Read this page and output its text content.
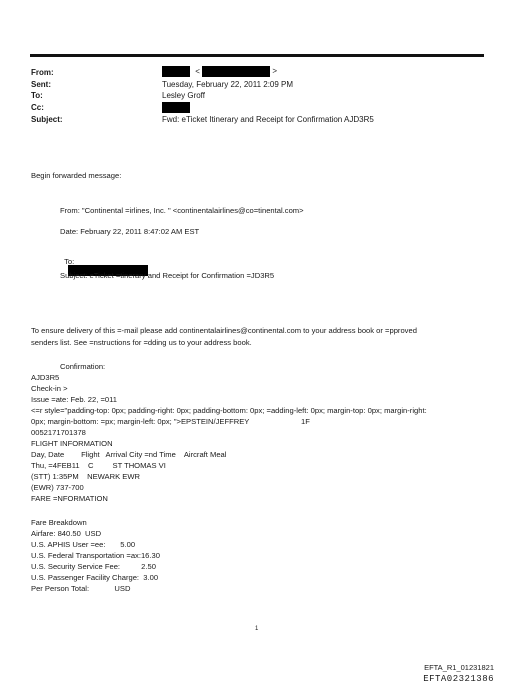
From:
Sent:
To:
Cc:
Subject:
<	>
Tuesday, February 22, 2011 2:09 PM
Lesley Groff
Fwd: eTicket Itinerary and Receipt for Confirmation AJD3R5
Begin forwarded message:
From: "Continental =irlines, Inc. " <continentalairlines@co=tinental.com>
Date: February 22, 2011 8:47:02 AM EST

To:

Subject: eTicket =tinerary and Receipt for Confirmation =JD3R5
To ensure delivery of this =-mail please add continentalairlines@continental.com to your address book or =pproved
senders list. See =nstructions for =dding us to your address book.
Confirmation:
AJD3R5
Check-in >
Issue =ate: Feb. 22, =011
<=r style="padding-top: 0px; padding-right: 0px; padding-bottom: 0px; =adding-left: 0px; margin-top: 0px; margin-right:
0px; margin-bottom: =px; margin-left: 0px; ">EPSTEIN/JEFFREY	1F
0052171701378
FLIGHT INFORMATION
Day, Date        Flight   Arrival City =nd Time    Aircraft Meal
Thu, =4FEB11    C         ST THOMAS VI
(STT) 1:35PM    NEWARK EWR
(EWR) 737-700
FARE =NFORMATION
Fare Breakdown
Airfare: 840.50  USD
U.S. APHIS User =ee:       5.00
U.S. Federal Transportation =ax:16.30
U.S. Security Service Fee:          2.50
U.S. Passenger Facility Charge:  3.00
Per Person Total:            USD
1
EFTA_R1_01231821
EFTA02321386
